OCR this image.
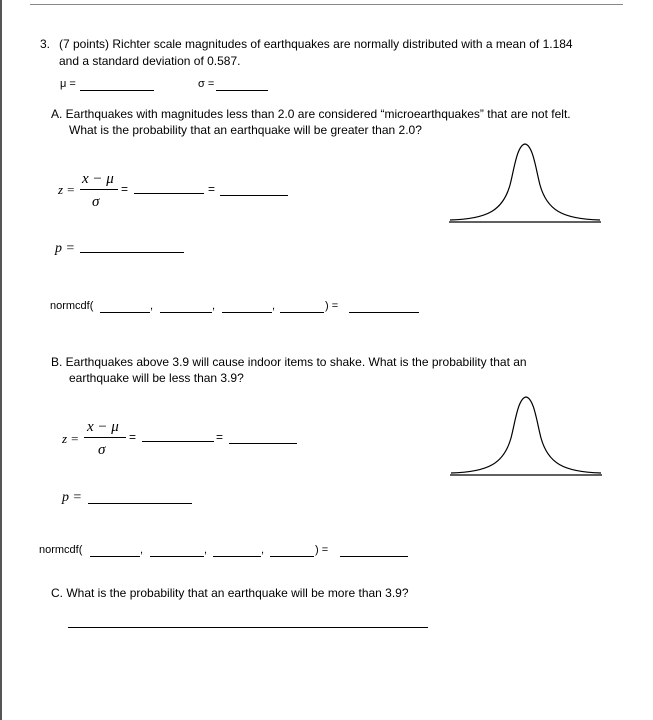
3. (7 points) Richter scale magnitudes of earthquakes are normally distributed with a mean of 1.184
and a standard deviation of 0.587.
μ =	σ =
A. Earthquakes with magnitudes less than 2.0 are considered “microearthquakes” that are not felt.
What is the probability that an earthquake will be greater than 2.0?
z =
x − μ
σ
=	=
p =
normcdf(	,	,	,	) =
B. Earthquakes above 3.9 will cause indoor items to shake. What is the probability that an
earthquake will be less than 3.9?
z =
x − μ
σ
=	=
p =
normcdf(	,	,	,	) =
C. What is the probability that an earthquake will be more than 3.9?
